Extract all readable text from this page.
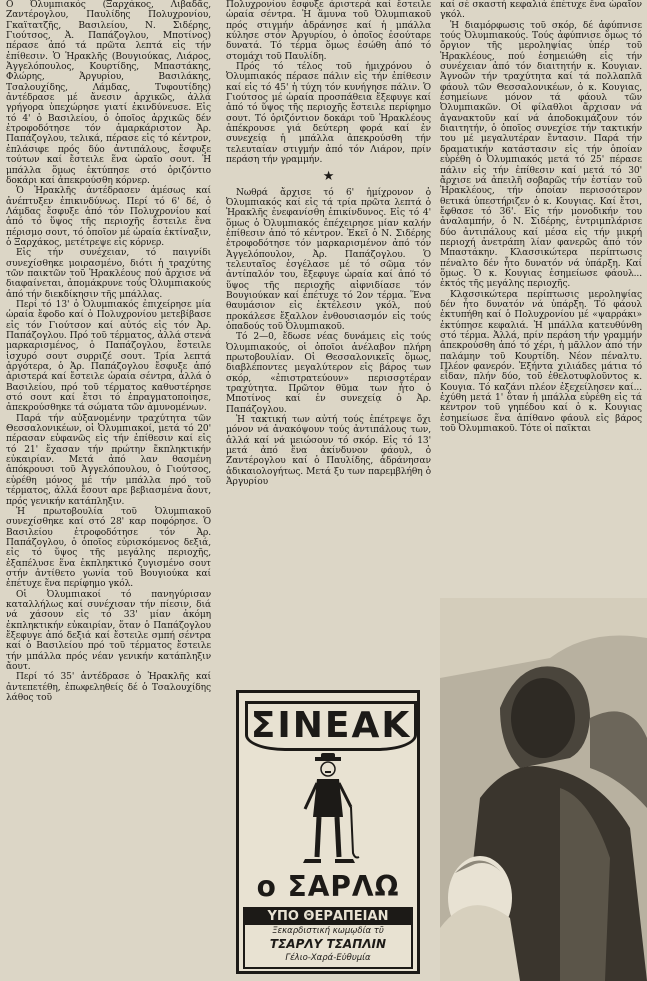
Ο Ὀλυμπιακός (Ξαρχάκος, Λιβαδᾶς, Ζαντέρογλου, Παυλίδης Πολυχρονίου, Γκαϊτατζῆς, Βασιλείου, Ν. Σιδέρης, Γιούτσος, Ἀ. Παπάζογλου, Μποτίνος) πέρασε ἀπό τά πρῶτα λεπτά εἰς τήν ἐπίθεσιν. Ὁ Ἡρακλῆς (Βουγιούκας, Λιάρος, Ἀγγελόπουλος, Κουρτίδης, Μπαστάκης, Φλώρης, Ἀργυρίου, Βασιλάκης, Τσαλουχίδης, Λάμδας, Τυφουτίδης) ἀντέδρασε μέ ἄνεσιν ἀρχικῶς, ἀλλά γρήγορα ὑπεχώρησε γιατί ἐκινδύνευσε. Εἰς τό 4' ὁ Βασιλείου, ὁ ὁποῖος ἀρχικῶς δέν ἐτροφοδότησε τόν ἀμαρκάριστον Ἀρ. Παπάζογλου, τελικά, πέρασε εἰς τό κέντρον, ἐπλάσιφε πρός δύο ἀντιπάλους, ἔσφυξε τούτων καί ἔστειλε ἕνα ὡραῖο σουτ. Ἡ μπάλλα ὅμως ἐκτύπησε στό ὁριζόντιο δοκάρι καί ἀπεκρούσθη κόρνερ.

Ὁ Ἡρακλῆς ἀντέδρασεν ἀμέσως καί ἀνέπτυξεν ἐπικινδύνως. Περί τό 6' δέ, ὁ Λάμδας ἔσφυξε ἀπό τόν Πολυχρονίου καί ἀπό τό ὕψος τῆς περιοχῆς ἔστειλε ἕνα πέρισμο σουτ, τό ὁποῖον μέ ὡραία ἐκτίναξιν, ὁ Ξαρχάκος, μετέτρεψε εἰς κόρνερ.

Εἰς τήν συνέχειαν, τό παιγνίδι συνεχίσθηκε μοιρασμένο, διότι ἡ τραχύτης τῶν παικτῶν τοῦ Ἡρακλέους πού ἄρχισε νά διαφαίνεται, ἀπομάκρυνε τούς Ὀλυμπιακούς ἀπό τήν διεκδίκησιν τῆς μπάλλας.

Περί τό 13' ὁ Ὀλυμπιακός ἐπιχείρησε μία ὡραία ἔφοδο καί ὁ Πολυχρονίου μετεβίβασε εἰς τόν Γιούτσον καί αὐτός εἰς τόν Ἀρ. Παπάζογλου. Πρό τοῦ τέρματος, ἀλλά στενά μαρκαρισμένος, ὁ Παπάζογλου, ἔστειλε ἰσχυρό σουτ συρριζέ σουτ. Τρία λεπτά ἀργότερα, ὁ Ἀρ. Παπάζογλου ἔσφυξε ἀπό ἀριστερά καί ἔστειλε ὡραία σέντρα, ἀλλά ὁ Βασιλείου, πρό τοῦ τέρματος καθυστέρησε στό σουτ καί ἔτσι τό ἐπραγματοποίησε, ἀπεκρούσθηκε τά σώματα τῶν ἀμυνομένων.

Παρά τήν αὐξανομένην τραχύτητα τῶν Θεσσαλονικέων, οἱ Ὀλυμπιακοί, μετά τό 20' πέρασαν εὐφανῶς εἰς τήν ἐπίθεσιν καί εἰς τό 21' ἔχασαν τήν πρώτην ἔκπληκτικήν εὐκαιρίαν. Μετά ἀπό λαν θασμένη ἀπόκρουσι τοῦ Ἀγγελόπουλου, ὁ Γιούτσος, εὑρέθη μόνος μέ τήν μπάλλα πρό τοῦ τέρματος, ἀλλά ἔσουτ αρε βεβιασμένα ἄουτ, πρός γενικήν κατάπληξιν.

Ἡ πρωτοβουλία τοῦ Ὀλυμπιακοῦ συνεχίσθηκε καί στό 28' καρ ποφόρησε. Ὁ Βασιλείου ἐτροφοδότησε τόν Ἀρ. Παπάζογλου, ὁ ὁποῖος εὐρισκόμενος δεξιά, εἰς τό ὕψος τῆς μεγάλης περιοχῆς, ἐξαπέλυσε ἕνα ἐκπληκτικό ζυγισμένο σουτ στήν ἀντίθετο γωνία τοῦ Βουγιούκα καί ἐπέτυχε ἕνα περίφημο γκόλ.

Οἱ Ὀλυμπιακοί τό πανηγύρισαν καταλλήλως καί συνέχισαν τήν πίεσιν, διά νά χάσουν εἰς τό 33' μίαν ἀκόμη ἐκπληκτικήν εὐκαιρίαν, ὅταν ὁ Παπάζογλου ἔξεφυγε ἀπό δεξιά καί ἔστειλε σμπή σέντρα καί ὁ Βασιλείου πρό τοῦ τέρματος ἔστειλε τήν μπάλλα πρός νέαν γενικήν κατάπληξιν ἄουτ.

Περί τό 35' ἀντέδρασε ὁ Ἡρακλῆς καί ἀντεπετέθη, ἐπωφεληθείς δέ ὁ Τσαλουχίδης λάθος τοῦ

Πολυχρονίου ἔσφυξε ἀριστερά καί ἔστειλε ὡραία σέντρα. Ἡ ἅμυνα τοῦ Ὀλυμπιακοῦ πρός στιγμήν ἀδράνησε καί ἡ μπάλλα κύλησε στόν Ἀργυρίου, ὁ ὁποῖος ἐσούταρε δυνατά. Τό τέρμα ὅμως ἐσώθη ἀπό τό στομάχι τοῦ Παυλίδη.

Πρός τό τέλος τοῦ ἡμιχρόνου ὁ Ὀλυμπιακός πέρασε πάλιν εἰς τήν ἐπίθεσιν καί εἰς τό 45' ἡ τύχη τόν κυνήγησε πάλιν. Ὁ Γιούτσος μέ ὡραία προσπάθεια ἔξεφυγε καί ἀπό τό ὕψος τῆς περιοχῆς ἔστειλε περίφημο σουτ. Τό ὁριζόντιον δοκάρι τοῦ Ἡρακλέους ἀπέκρουσε γιά δεύτερη φορά καί ἐν συνεχείᾳ ἡ μπάλλα ἀπεκρούσθη τήν τελευταίαν στιγμήν ἀπό τόν Λιάρον, πρίν περάση τήν γραμμήν.

★

Νωθρά ἄρχισε τό 6' ἡμίχρονον ὁ Ὀλυμπιακός καί εἰς τά τρία πρῶτα λεπτά ὁ Ἡρακλῆς ἐνεφανίσθη ἐπικίνδυνος. Εἰς τό 4' ὅμως ὁ Ὀλυμπιακός ἐπέχειρησε μίαν καλήν ἐπίθεσιν ἀπό τό κέντρον. Ἐκεῖ ὁ Ν. Σιδέρης ἐτροφοδότησε τόν μαρκαρισμένον ἀπό τόν Ἀγγελόπουλον, Ἀρ. Παπάζογλου. Ὁ τελευταῖος ἐσγέλασε μέ τό σῶμα τόν ἀντίπαλόν του, ἔξεφυγε ὡραία καί ἀπό τό ὕψος τῆς περιοχῆς αἰφνιδίασε τόν Βουγιούκαν καί ἐπέτυχε τό 2ον τέρμα. Ἕνα θαυμάσιον εἰς ἐκτέλεσιν γκόλ, πού προκάλεσε ἔξαλλον ἐνθουσιασμόν εἰς τούς ὀπαδούς τοῦ Ὀλυμπιακοῦ.

Τό 2—0, ἔδωσε νέας δυνάμεις εἰς τούς Ὀλυμπιακούς, οἱ ὁποῖοι ἀνέλαβον πλήρη πρωτοβουλίαν. Οἱ Θεσσαλονικεῖς ὅμως, διαβλέποντες μεγαλύτερον εἰς βάρος των σκόρ, «ἐπιστρατεύουν» περισσοτέραν τραχύτητα. Πρῶτον θῦμα των ἦτο ὁ Μποτίνος καί ἐν συνεχείᾳ ὁ Ἀρ. Παπάζογλου.

Ἡ τακτική των αὐτή τούς ἐπέτρεψε ὄχι μόνον νά ἀνακόψουν τούς ἀντιπάλους των, ἀλλά καί νά μειώσουν τό σκόρ. Εἰς τό 13' μετά ἀπό ἕνα ἀκίνδυνον φάουλ, ὁ Ζαντέρογλου καί ὁ Παυλίδης, ἀδράνησαν ἀδικαιολογήτως. Μετά ξυ των παρεμβλήθη ὁ Ἀργυρίου

καί σέ σκαστή κεφαλιά ἐπέτυχε ἕνα ὡραῖον γκόλ.

Ἡ διαμόρφωσις τοῦ σκόρ, δέ ἀφύπνισε τούς Ὀλυμπιακούς. Τούς ἀφύπνισε ὅμως τό ὄργιον τῆς μεροληψίας ὑπέρ τοῦ Ἡρακλέους, πού ἐσημειώθη εἰς τήν συνέχειαν ἀπό τόν διαιτητήν κ. Κουγιαν. Ἀγνοῶν τήν τραχύτητα καί τά πολλαπλᾶ φάουλ τῶν Θεσσαλονικέων, ὁ κ. Κουγιας, ἐσημείωνε μόνον τά φάουλ τῶν Ὀλυμπιακῶν. Οἱ φίλαθλοι ἄρχισαν νά ἀγανακτοῦν καί νά ἀποδοκιμάζουν τόν διαιτητήν, ὁ ὁποῖος συνεχίσε τήν τακτικήν του μέ μεγαλυτέραν ἔντασιν. Παρά τήν δραματικήν κατάστασιν εἰς τήν ὁποίαν εὑρέθη ὁ Ὀλυμπιακός μετά τό 25' πέρασε πάλιν εἰς τήν ἐπίθεσιν καί μετά τό 30' ἄρχισε νά ἀπειλῆ σοβαρῶς τήν ἑστίαν τοῦ Ἡρακλέους, τήν ὁποίαν περισσότερον θετικά ὑπεστήριζεν ὁ κ. Κουγιας. Καί ἔτσι, ἔφθασε τό 36'. Εἰς τήν μονοδικήν του ἀναλαμπήν, ὁ Ν. Σιδέρης, ἐντριμπλάρισε δύο ἀντιπάλους καί μέσα εἰς τήν μικρή περιοχή ἀνετράπη λίαν φανερῶς ἀπό τόν Μπαστάκην. Κλασσικώτερα περίπτωσις πέναλτο δέν ἦτο δυνατόν νά ὑπάρξη. Καί ὅμως. Ὁ κ. Κουγιας ἐσημείωσε φάουλ... ἐκτός τῆς μεγάλης περιοχῆς.

Κλασσικώτερα περίπτωσις μεροληψίας δέν ἦτο δυνατόν νά ὑπάρξη. Τό φάουλ ἐκτυπήθη καί ὁ Πολυχρονίου μέ «ψαρράκι» ἐκτύπησε κεφαλιά. Ἡ μπάλλα κατευθύνθη στό τέρμα. Ἀλλά, πρίν περάση τήν γραμμήν ἀπεκρούσθη ἀπό τό χέρι, ἡ μᾶλλον ἀπό τήν παλάμην τοῦ Κουρτίδη. Νέον πέναλτυ. Πλέον φανερόν. Ἐξήντα χιλιάδες μάτια τό εἶδαν, πλήν δύο, τοῦ ἐθελοτυφλοῦντος κ. Κουγια. Τό καζάνι πλέον ἐξεχείλησεν καί... ἐχύθη μετά 1' ὅταν ἡ μπάλλα εὑρέθη εἰς τά κέντρον τοῦ γηπέδου καί ὁ κ. Κουγιας ἐσημείωσε ἕνα ἀπίθανο φάουλ εἰς βάρος τοῦ Ὀλυμπιακοῦ. Τότε οἱ παῖκται

ΣΙΝΕΑΚ
ο ΣΑΡΛΩ
ΥΠΟ ΘΕΡΑΠΕΙΑΝ
Ξεκαρδιστική κωμῳδία τῦ
ΤΣΑΡΛΥ ΤΣΑΠΛΙΝ
Γέλιο-Χαρά-Εὐθυμία
